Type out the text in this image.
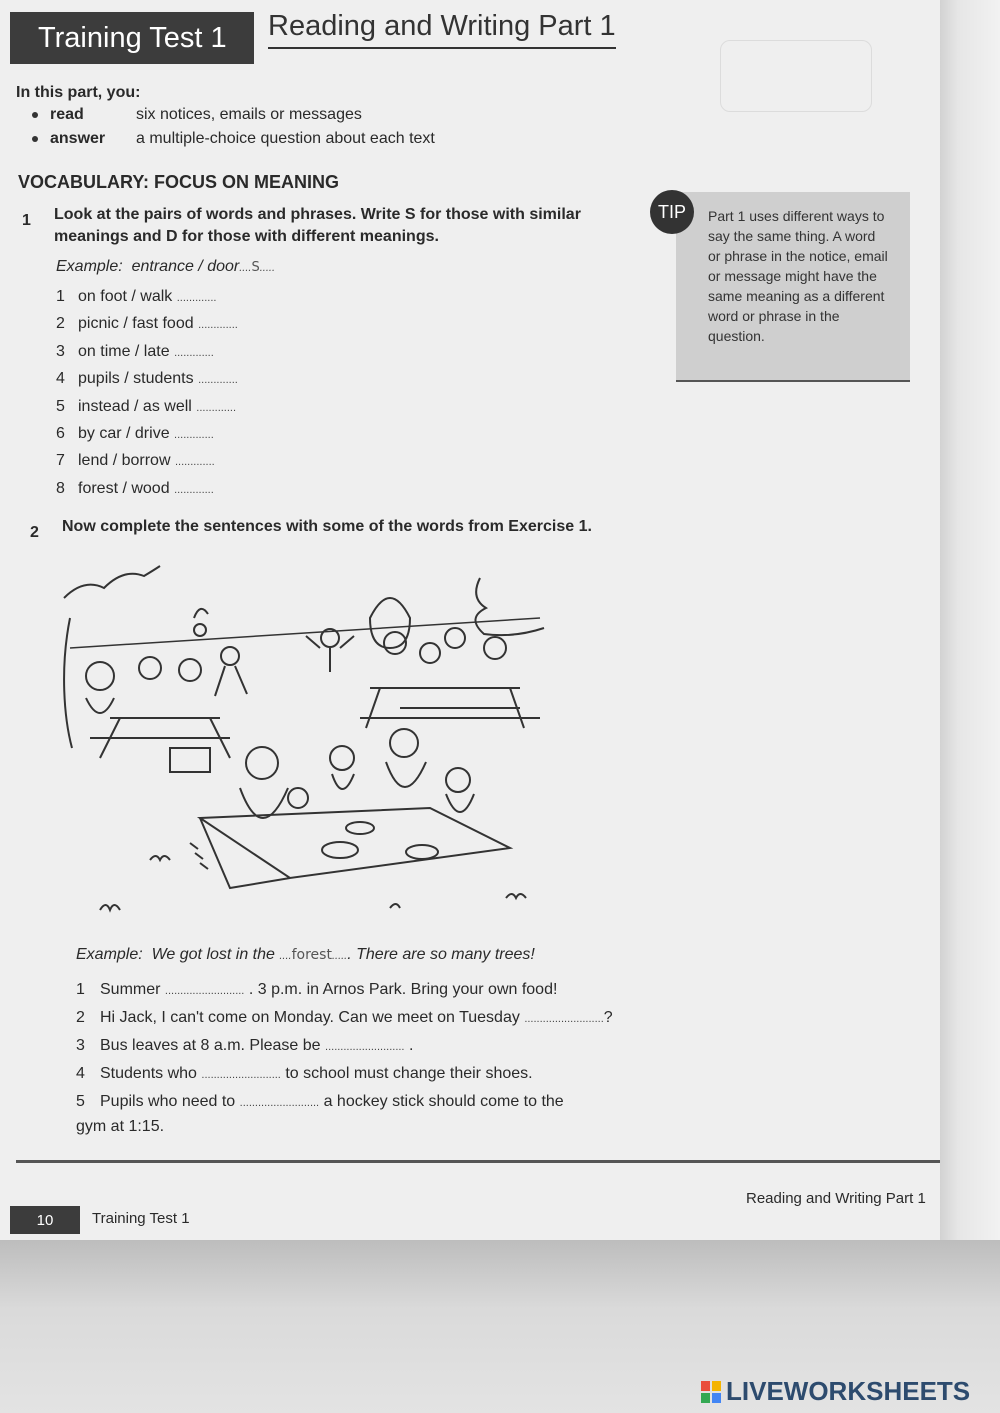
Training Test 1	Reading and Writing Part 1
In this part, you:
read	six notices, emails or messages
answer a multiple-choice question about each text
VOCABULARY: FOCUS ON MEANING
1 Look at the pairs of words and phrases. Write S for those with similar
meanings and D for those with different meanings.
Example: entrance / door....S.....
1 on foot / walk .............
2 picnic / fast food .............
3 on time / late .............
4 pupils / students .............
5 instead / as well .............
6 by car / drive .............
7 lend / borrow .............
8 forest / wood .............
Part 1 uses different ways to say the same thing. A word or phrase in the notice, email or message might have the same meaning as a different word or phrase in the question.
TIP
2 Now complete the sentences with some of the words from Exercise 1.
Example: We got lost in the ....forest...... There are so many trees!
1 Summer .......................... . 3 p.m. in Arnos Park. Bring your own food!
2 Hi Jack, I can't come on Monday. Can we meet on Tuesday ..........................?
3 Bus leaves at 8 a.m. Please be .......................... .
4 Students who .......................... to school must change their shoes.
5 Pupils who need to .......................... a hockey stick should come to the gym at 1:15.
10	Training Test 1
Reading and Writing Part 1
LIVEWORKSHEETS
